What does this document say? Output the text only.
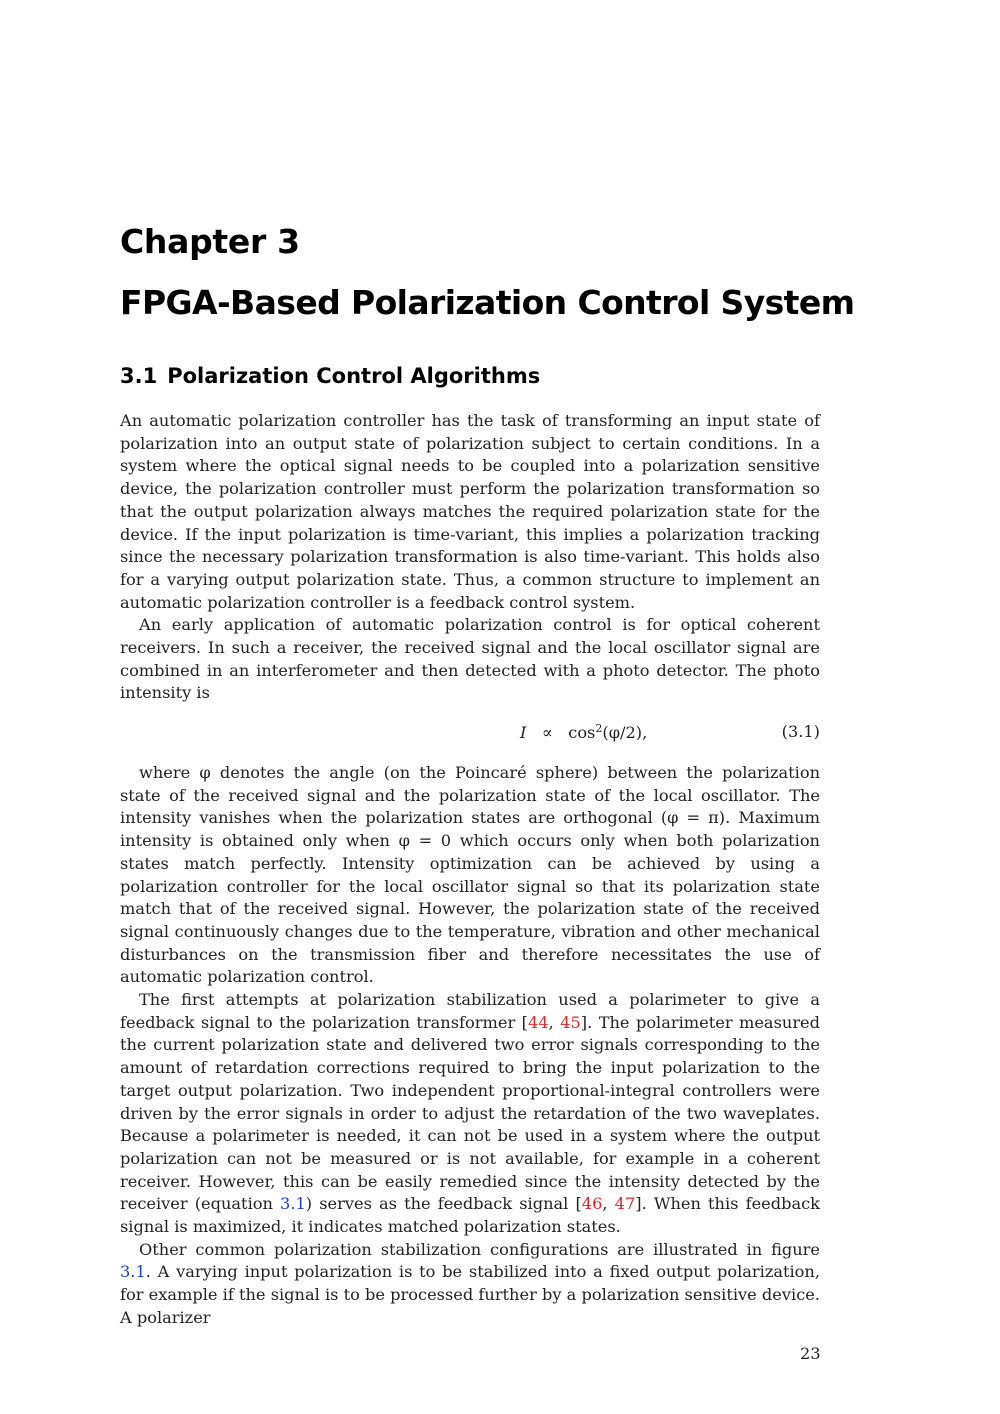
Chapter 3
FPGA-Based Polarization Control System
3.1 Polarization Control Algorithms

An automatic polarization controller has the task of transforming an input state of polarization into an output state of polarization subject to certain conditions. In a system where the optical signal needs to be coupled into a polarization sensitive device, the polarization controller must perform the polarization transformation so that the output polarization always matches the required polarization state for the device. If the input polarization is time-variant, this implies a polarization tracking since the necessary polarization transformation is also time-variant. This holds also for a varying output polarization state. Thus, a common structure to implement an automatic polarization controller is a feedback control system.

An early application of automatic polarization control is for optical coherent receivers. In such a receiver, the received signal and the local oscillator signal are combined in an interferometer and then detected with a photo detector. The photo intensity is

$I \propto \cos^2(\varphi/2)$,	(3.1)

where φ denotes the angle (on the Poincaré sphere) between the polarization state of the received signal and the polarization state of the local oscillator. The intensity vanishes when the polarization states are orthogonal (φ = π). Maximum intensity is obtained only when φ = 0 which occurs only when both polarization states match perfectly. Intensity optimization can be achieved by using a polarization controller for the local oscillator signal so that its polarization state match that of the received signal. However, the polarization state of the received signal continuously changes due to the temperature, vibration and other mechanical disturbances on the transmission fiber and therefore necessitates the use of automatic polarization control.

The first attempts at polarization stabilization used a polarimeter to give a feedback signal to the polarization transformer [44, 45]. The polarimeter measured the current polarization state and delivered two error signals corresponding to the amount of retardation corrections required to bring the input polarization to the target output polarization. Two independent proportional-integral controllers were driven by the error signals in order to adjust the retardation of the two waveplates. Because a polarimeter is needed, it can not be used in a system where the output polarization can not be measured or is not available, for example in a coherent receiver. However, this can be easily remedied since the intensity detected by the receiver (equation 3.1) serves as the feedback signal [46, 47]. When this feedback signal is maximized, it indicates matched polarization states.

Other common polarization stabilization configurations are illustrated in figure 3.1. A varying input polarization is to be stabilized into a fixed output polarization, for example if the signal is to be processed further by a polarization sensitive device. A polarizer

23
